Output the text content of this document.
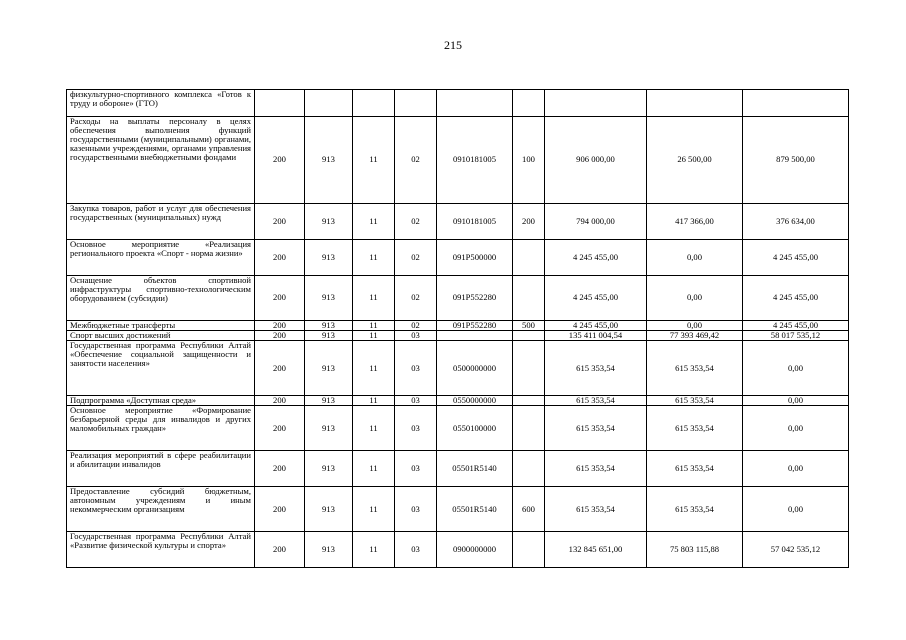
215
физкультурно-спортивного комплекса «Готов к труду и обороне» (ГТО)									
Расходы на выплаты персоналу в целях обеспечения выполнения функций государственными (муниципальными) органами, казенными учреждениями, органами управления государственными внебюджетными фондами	200	913	11	02	0910181005	100	906 000,00	26 500,00	879 500,00
Закупка товаров, работ и услуг для обеспечения государственных (муниципальных) нужд	200	913	11	02	0910181005	200	794 000,00	417 366,00	376 634,00
Основное мероприятие «Реализация регионального проекта «Спорт - норма жизни»	200	913	11	02	091P500000		4 245 455,00	0,00	4 245 455,00
Оснащение объектов спортивной инфраструктуры спортивно-технологическим оборудованием (субсидии)	200	913	11	02	091P552280		4 245 455,00	0,00	4 245 455,00
Межбюджетные трансферты	200	913	11	02	091P552280	500	4 245 455,00	0,00	4 245 455,00
Спорт высших достижений	200	913	11	03			135 411 004,54	77 393 469,42	58 017 535,12
Государственная программа Республики Алтай «Обеспечение социальной защищенности и занятости населения»	200	913	11	03	0500000000		615 353,54	615 353,54	0,00
Подпрограмма «Доступная среда»	200	913	11	03	0550000000		615 353,54	615 353,54	0,00
Основное мероприятие «Формирование безбарьерной среды для инвалидов и других маломобильных граждан»	200	913	11	03	0550100000		615 353,54	615 353,54	0,00
Реализация мероприятий в сфере реабилитации и абилитации инвалидов	200	913	11	03	05501R5140		615 353,54	615 353,54	0,00
Предоставление субсидий бюджетным, автономным учреждениям и иным некоммерческим организациям	200	913	11	03	05501R5140	600	615 353,54	615 353,54	0,00
Государственная программа Республики Алтай «Развитие физической культуры и спорта»	200	913	11	03	0900000000		132 845 651,00	75 803 115,88	57 042 535,12
